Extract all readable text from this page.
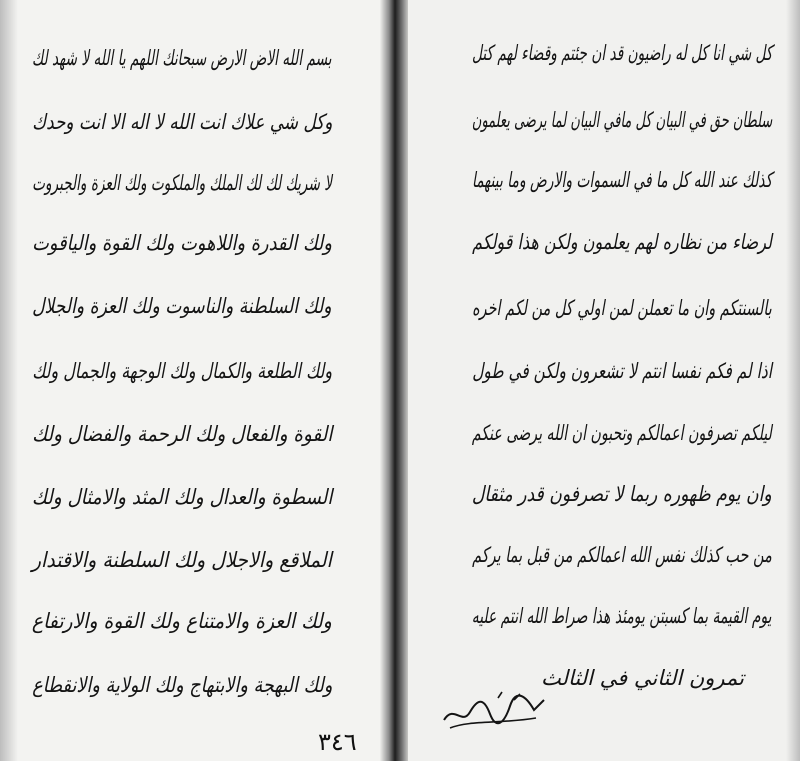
بسم الله الاض الارض سبحانك اللهم يا الله لا شهد لك
وكل شي علاك انت الله لا اله الا انت وحدك
لا شريك لك لك الملك والملكوت ولك العزة والجبروت
ولك القدرة واللاهوت ولك القوة والياقوت
ولك السلطنة والناسوت ولك العزة والجلال
ولك الطلعة والكمال ولك الوجهة والجمال ولك
القوة والفعال ولك الرحمة والفضال ولك
السطوة والعدال ولك المثد والامثال ولك
الملاقع والاجلال ولك السلطنة والاقتدار
ولك العزة والامتناع ولك القوة والارتفاع
ولك البهجة والابتهاج ولك الولاية والانقطاع
٣٤٦
كل شي انا كل له راضيون قد ان جئتم وقضاء لهم كتل
سلطان حق في البيان كل مافي البيان لما يرضى يعلمون
كذلك عند الله كل ما في السموات والارض وما بينهما
لرضاء من نظاره لهم يعلمون ولكن هذا قولكم
بالسنتكم وان ما تعملن لمن اولي كل من لكم اخره
اذا لم فكم نفسا انتم لا تشعرون ولكن في طول
ليلكم تصرفون اعمالكم وتحبون ان الله يرضى عنكم
وان يوم ظهوره ربما لا تصرفون قدر مثقال
من حب كذلك نفس الله اعمالكم من قبل بما يركم
يوم القيمة بما كسبتن يومئذ هذا صراط الله انتم عليه
تمرون الثاني في الثالث
